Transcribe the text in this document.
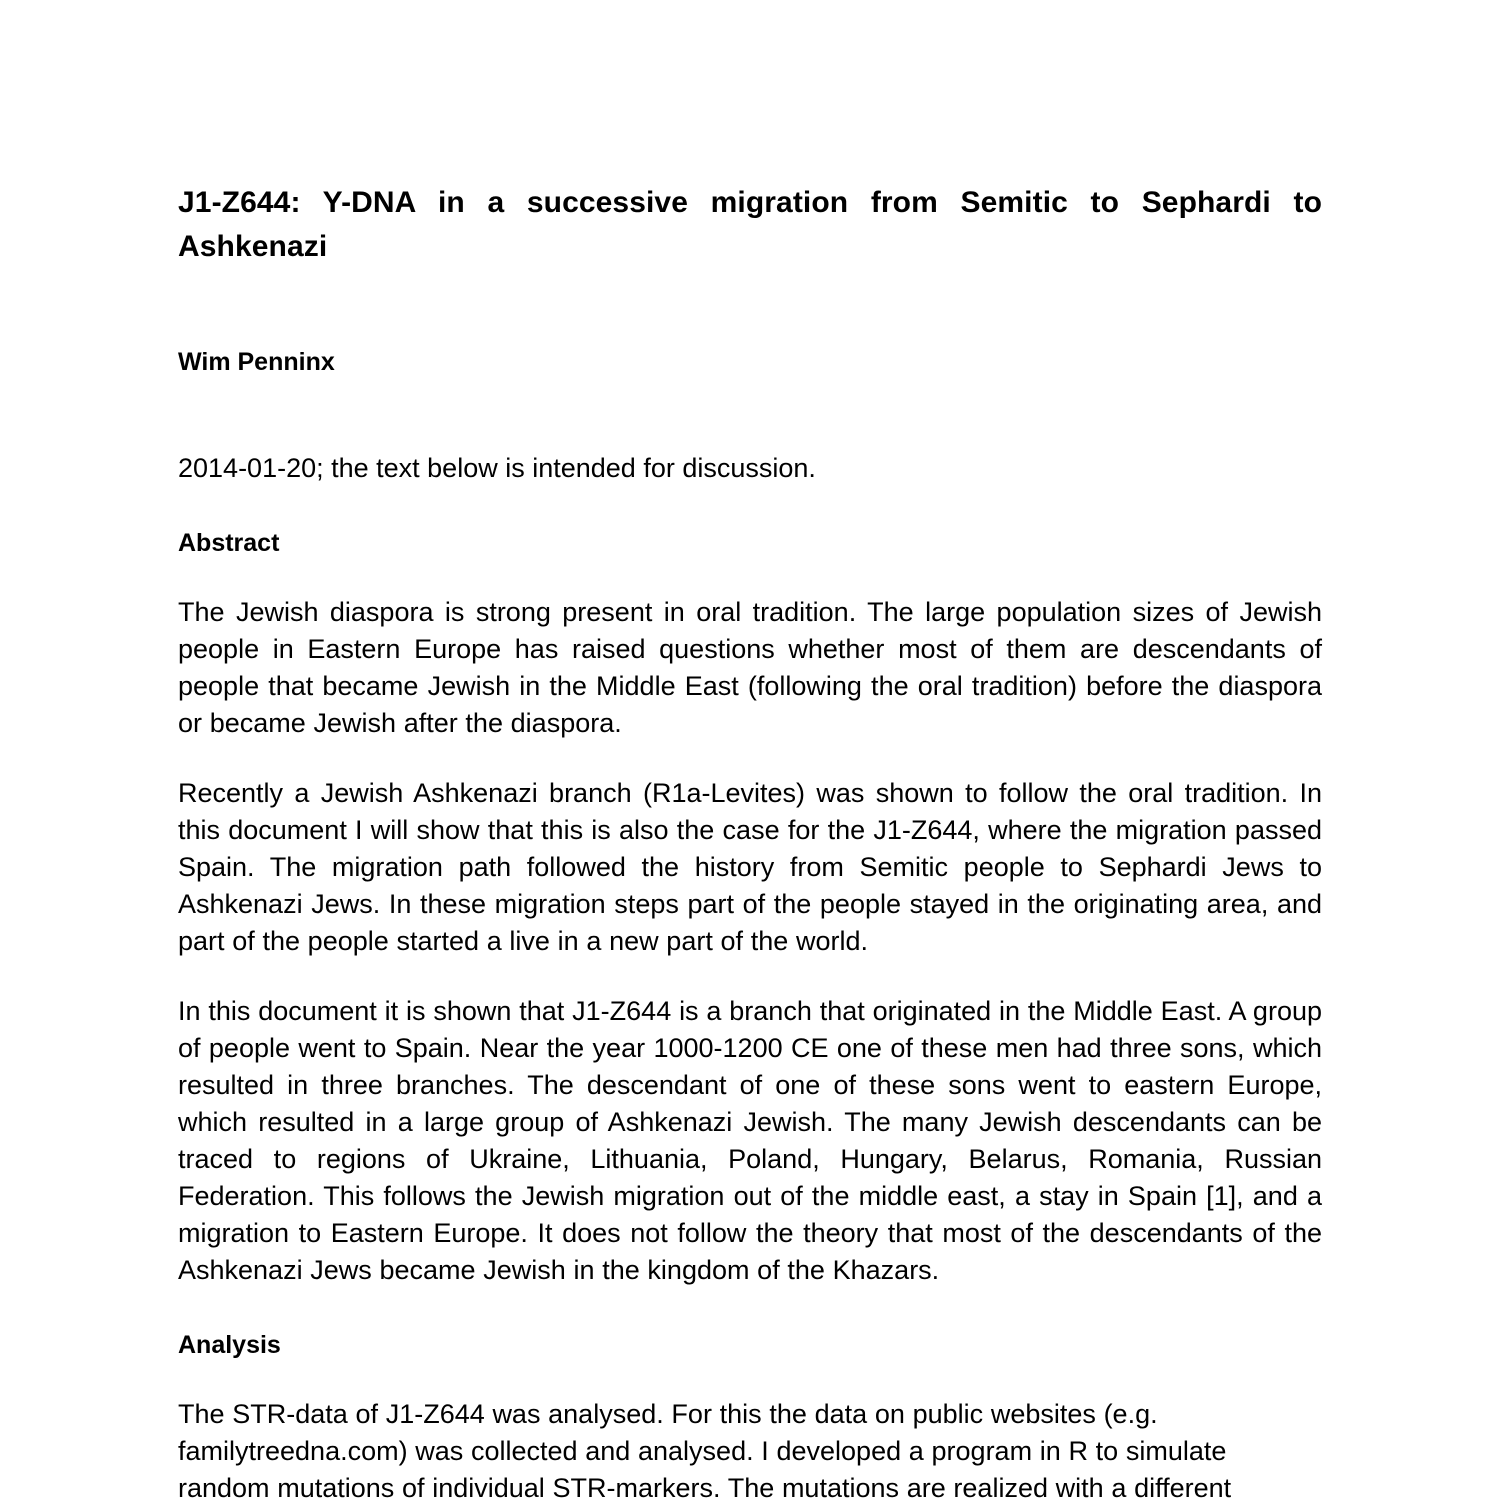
J1-Z644: Y-DNA in a successive migration from Semitic to Sephardi to Ashkenazi

Wim Penninx

2014-01-20; the text below is intended for discussion.

Abstract

The Jewish diaspora is strong present in oral tradition. The large population sizes of Jewish people in Eastern Europe has raised questions whether most of them are descendants of people that became Jewish in the Middle East (following the oral tradition) before the diaspora or became Jewish after the diaspora.

Recently a Jewish Ashkenazi branch (R1a-Levites) was shown to follow the oral tradition. In this document I will show that this is also the case for the J1-Z644, where the migration passed Spain. The migration path followed the history from Semitic people to Sephardi Jews to Ashkenazi Jews. In these migration steps part of the people stayed in the originating area, and part of the people started a live in a new part of the world.

In this document it is shown that J1-Z644 is a branch that originated in the Middle East. A group of people went to Spain. Near the year 1000-1200 CE one of these men had three sons, which resulted in three branches. The descendant of one of these sons went to eastern Europe, which resulted in a large group of Ashkenazi Jewish. The many Jewish descendants can be traced to regions of Ukraine, Lithuania, Poland, Hungary, Belarus, Romania, Russian Federation. This follows the Jewish migration out of the middle east, a stay in Spain [1], and a migration to Eastern Europe. It does not follow the theory that most of the descendants of the Ashkenazi Jews became Jewish in the kingdom of the Khazars.

Analysis

The STR-data of J1-Z644 was analysed. For this the data on public websites (e.g. familytreedna.com) was collected and analysed. I developed a program in R to simulate random mutations of individual STR-markers. The mutations are realized with a different
